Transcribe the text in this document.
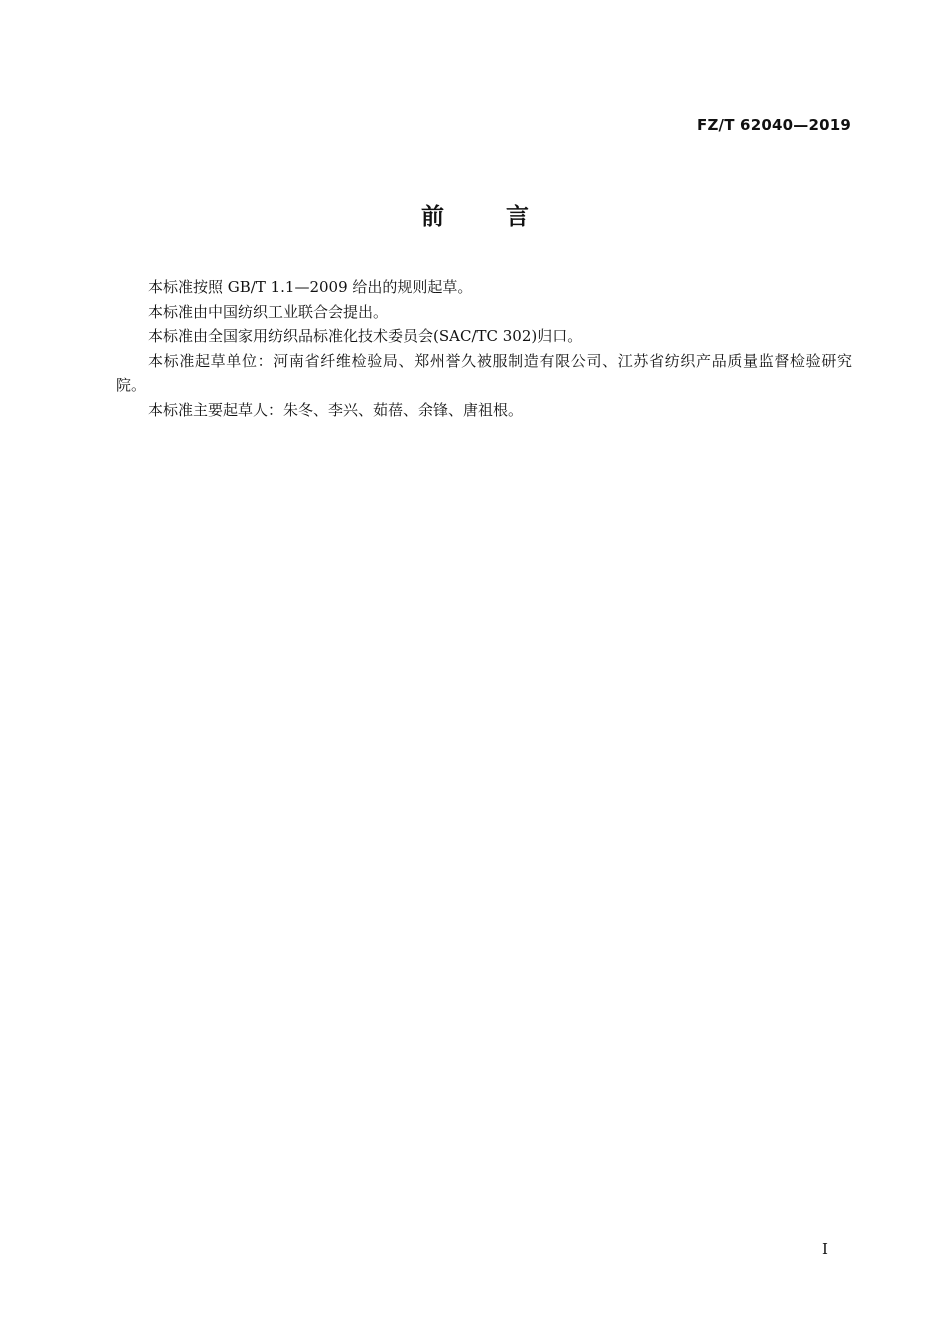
FZ/T 62040—2019
前言

本标准按照 GB/T 1.1—2009 给出的规则起草。

本标准由中国纺织工业联合会提出。

本标准由全国家用纺织品标准化技术委员会(SAC/TC 302)归口。

本标准起草单位：河南省纤维检验局、郑州誉久被服制造有限公司、江苏省纺织产品质量监督检验研究院。

本标准主要起草人：朱冬、李兴、茹蓓、余锋、唐祖根。

I
